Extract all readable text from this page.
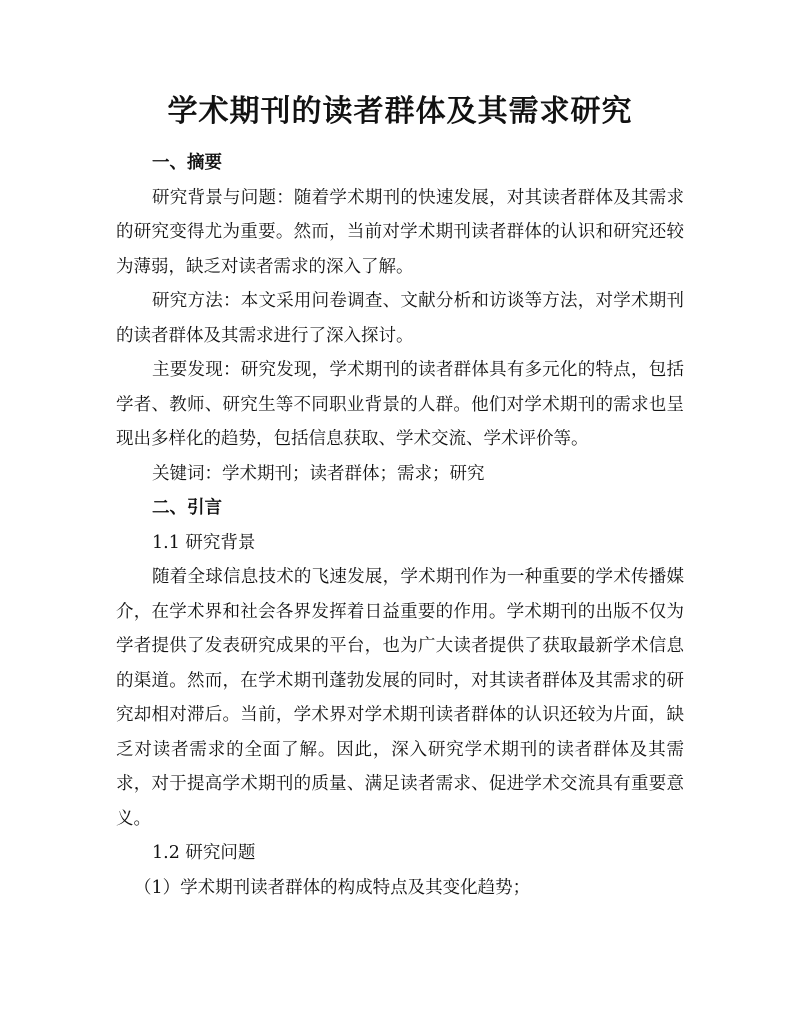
学术期刊的读者群体及其需求研究

一、摘要

研究背景与问题：随着学术期刊的快速发展，对其读者群体及其需求的研究变得尤为重要。然而，当前对学术期刊读者群体的认识和研究还较为薄弱，缺乏对读者需求的深入了解。

研究方法：本文采用问卷调查、文献分析和访谈等方法，对学术期刊的读者群体及其需求进行了深入探讨。

主要发现：研究发现，学术期刊的读者群体具有多元化的特点，包括学者、教师、研究生等不同职业背景的人群。他们对学术期刊的需求也呈现出多样化的趋势，包括信息获取、学术交流、学术评价等。

关键词：学术期刊；读者群体；需求；研究

二、引言

1.1 研究背景

随着全球信息技术的飞速发展，学术期刊作为一种重要的学术传播媒介，在学术界和社会各界发挥着日益重要的作用。学术期刊的出版不仅为学者提供了发表研究成果的平台，也为广大读者提供了获取最新学术信息的渠道。然而，在学术期刊蓬勃发展的同时，对其读者群体及其需求的研究却相对滞后。当前，学术界对学术期刊读者群体的认识还较为片面，缺乏对读者需求的全面了解。因此，深入研究学术期刊的读者群体及其需求，对于提高学术期刊的质量、满足读者需求、促进学术交流具有重要意义。

1.2 研究问题

（1）学术期刊读者群体的构成特点及其变化趋势；
